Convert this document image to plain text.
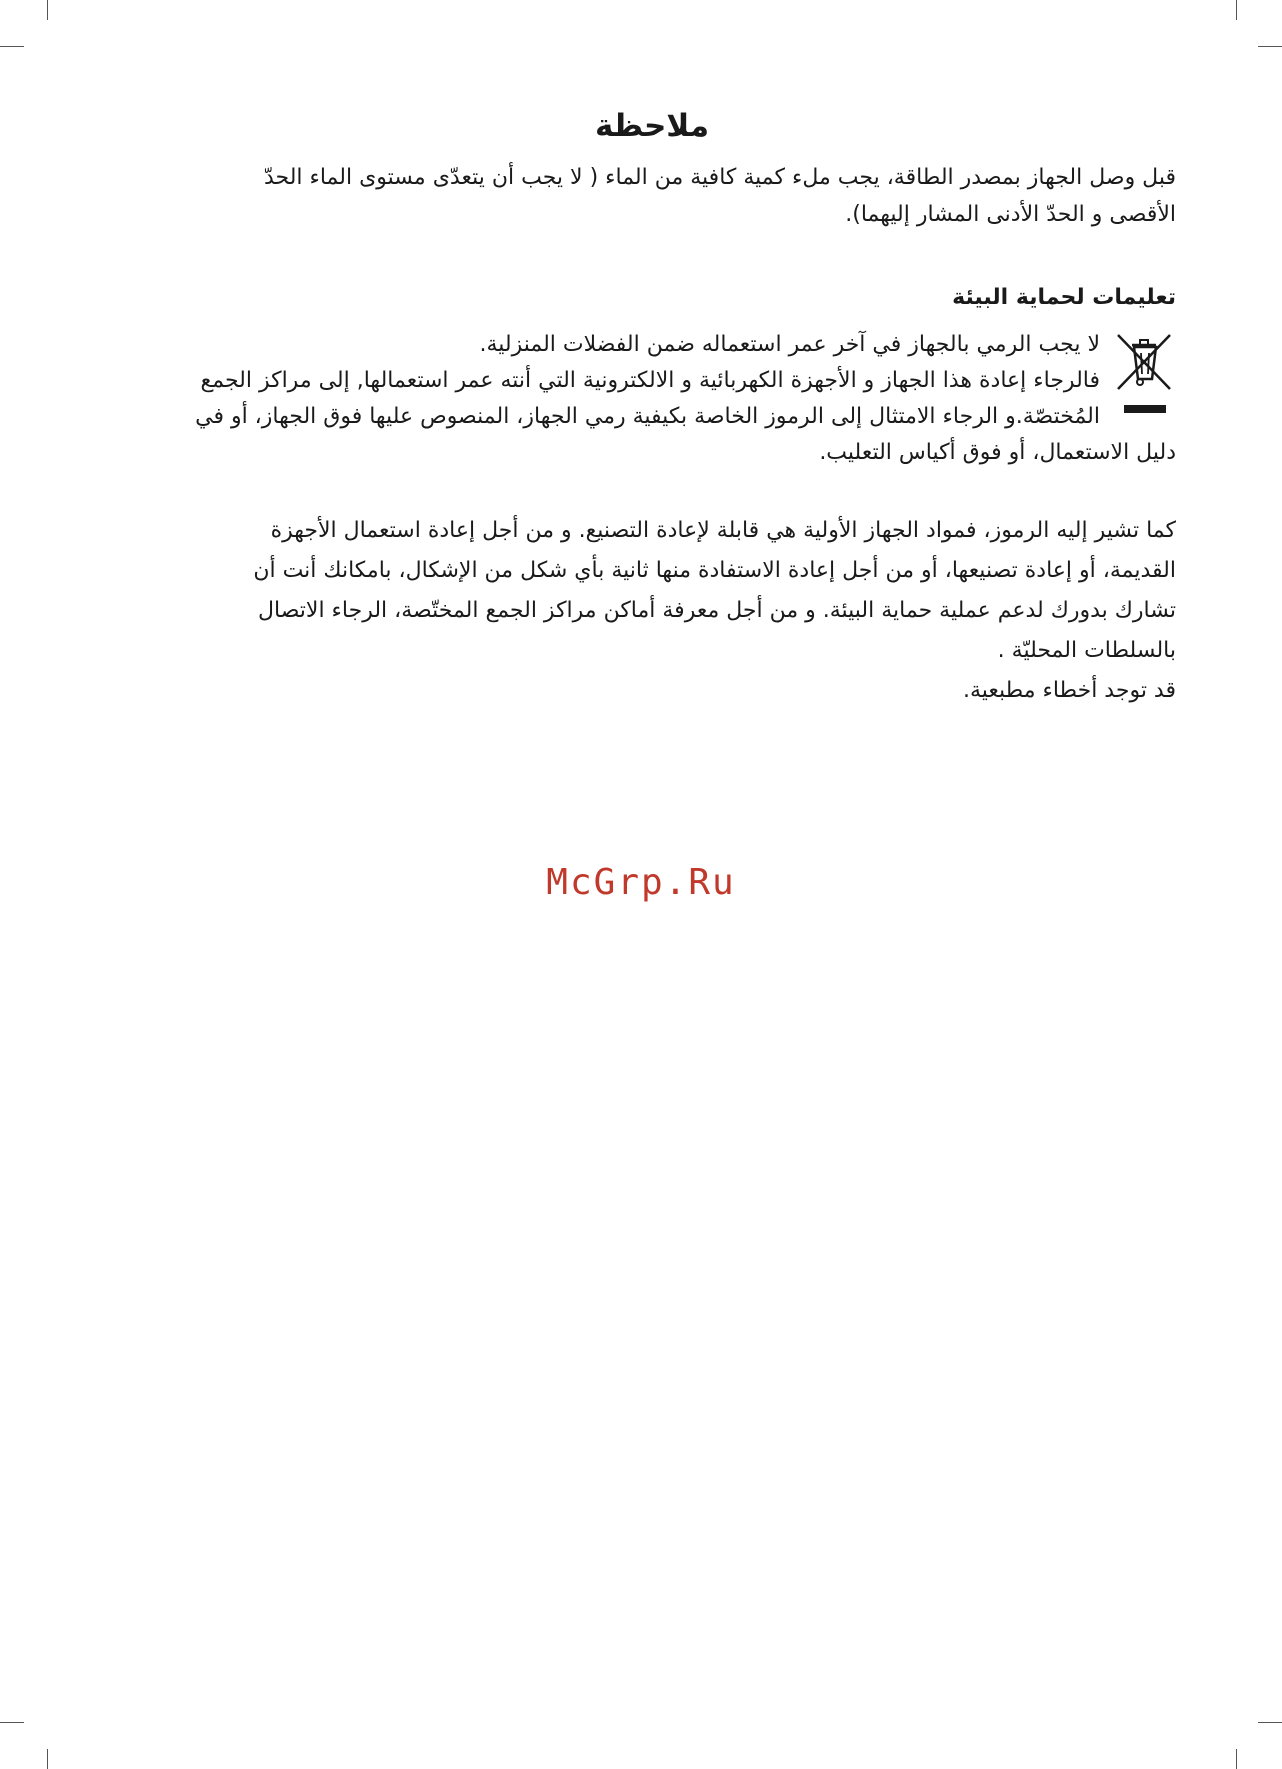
ملاحظة

قبل وصل الجهاز بمصدر الطاقة، يجب ملء كمية كافية من الماء ( لا يجب أن يتعدّى مستوى الماء الحدّ
الأقصى و الحدّ الأدنى المشار إليهما).

تعليمات لحماية البيئة

لا يجب الرمي بالجهاز في آخر عمر استعماله ضمن الفضلات المنزلية.
فالرجاء إعادة هذا الجهاز و الأجهزة الكهربائية و الالكترونية التي أنته عمر استعمالها, إلى مراكز الجمع
المُختصّة.و الرجاء الامتثال إلى الرموز الخاصة بكيفية رمي الجهاز، المنصوص عليها فوق الجهاز، أو في
دليل الاستعمال، أو فوق أكياس التعليب.

كما تشير إليه الرموز، فمواد الجهاز الأولية هي قابلة لإعادة التصنيع. و من أجل إعادة استعمال الأجهزة
القديمة، أو إعادة تصنيعها، أو من أجل إعادة الاستفادة منها ثانية بأي شكل من الإشكال، بامكانك أنت أن
تشارك بدورك لدعم عملية حماية البيئة. و من أجل معرفة أماكن مراكز الجمع المختّصة، الرجاء الاتصال
بالسلطات المحليّة .
قد توجد أخطاء مطبعية.

McGrp.Ru
